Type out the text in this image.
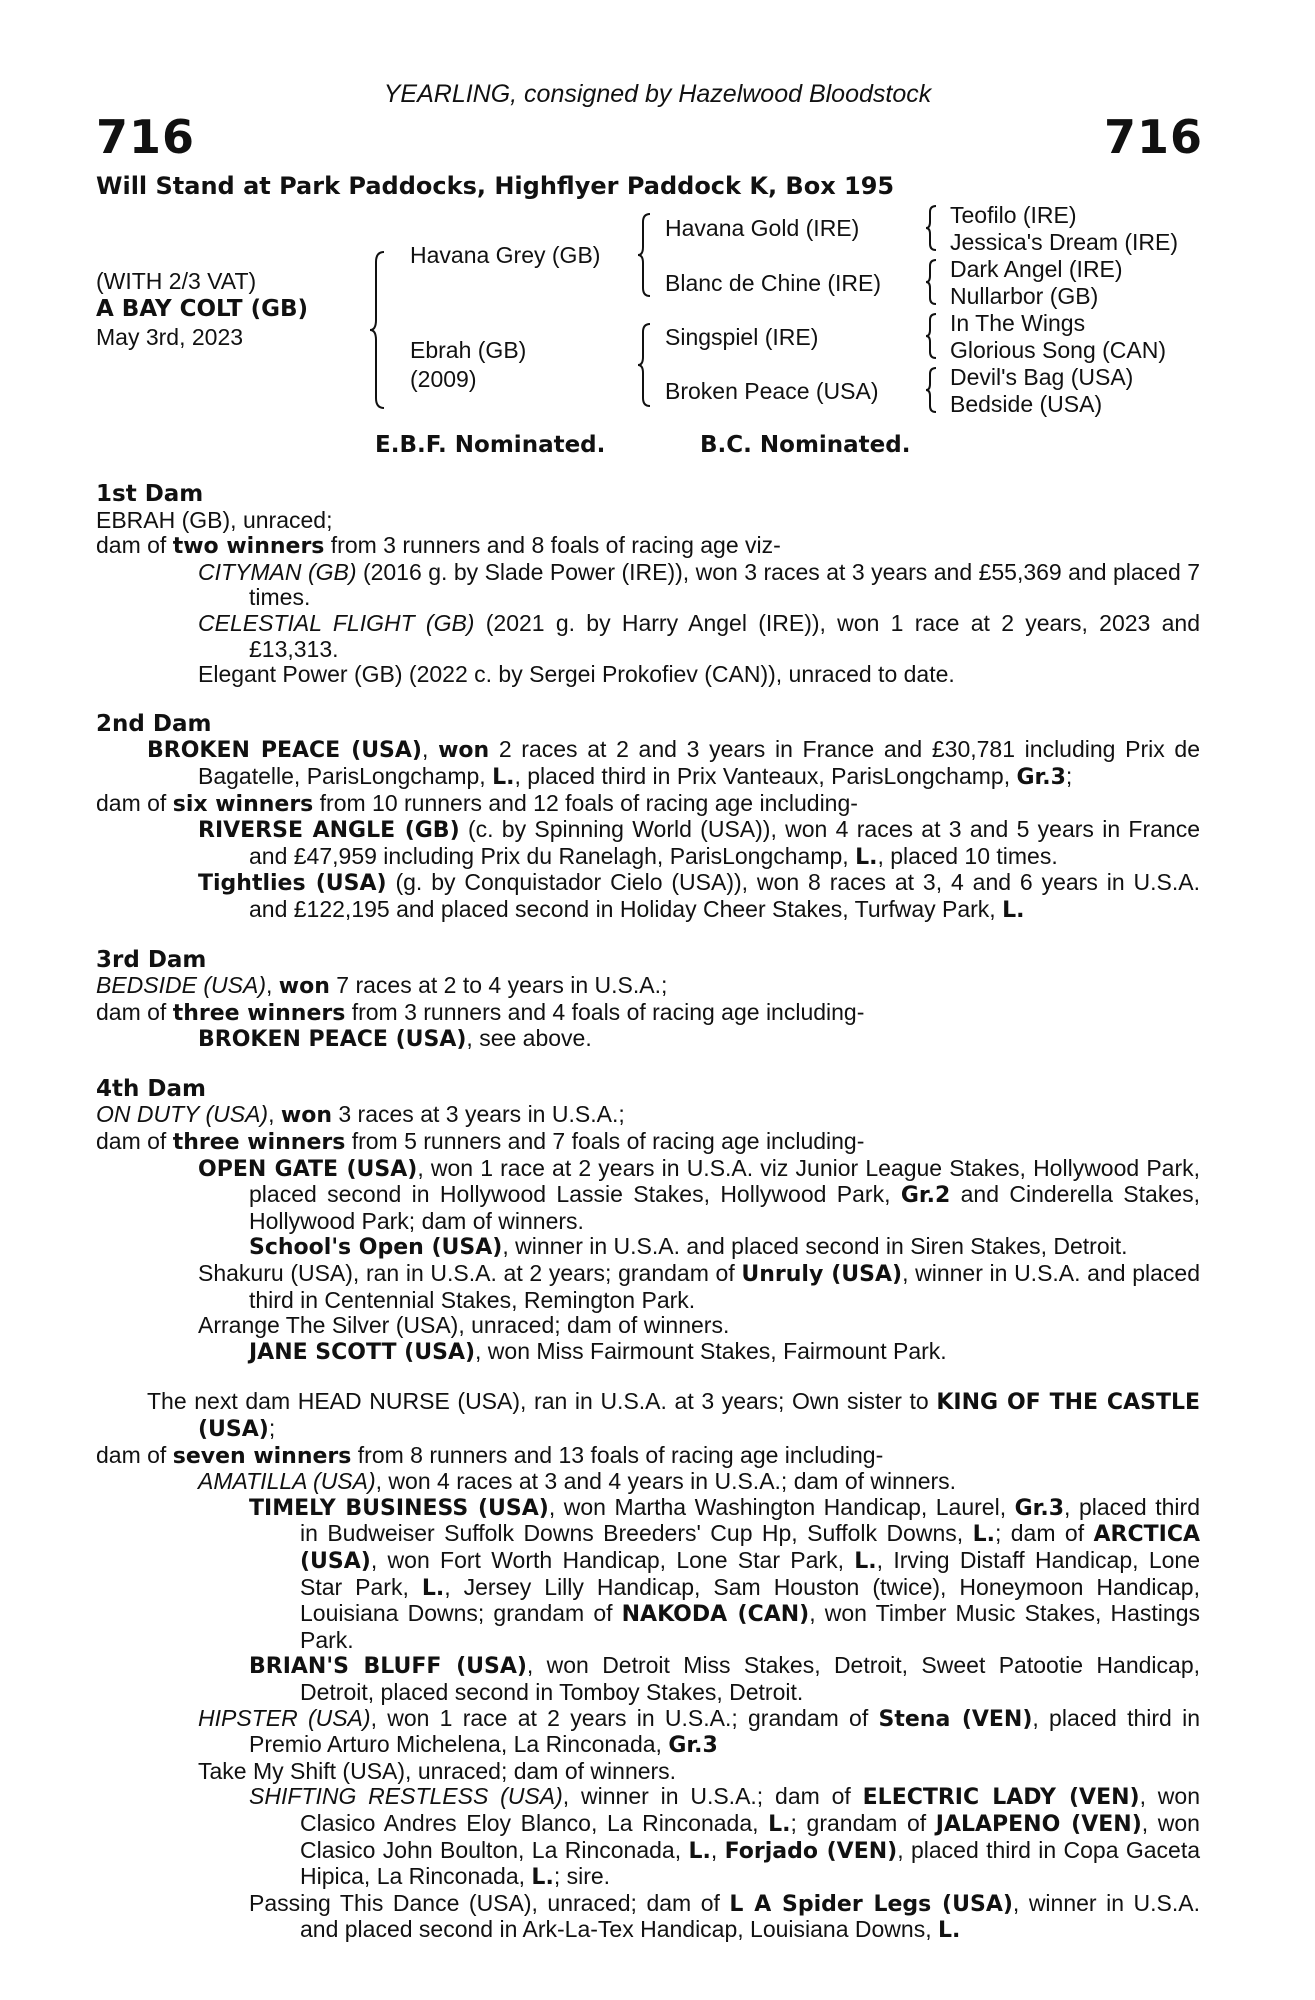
YEARLING, consigned by Hazelwood Bloodstock
716	716
Will Stand at Park Paddocks, Highflyer Paddock K, Box 195
(WITH 2/3 VAT)
A BAY COLT (GB)
May 3rd, 2023
Havana Grey (GB)
Ebrah (GB)
(2009)
Havana Gold (IRE)
Blanc de Chine (IRE)
Singspiel (IRE)
Broken Peace (USA)
Teofilo (IRE)
Jessica's Dream (IRE)
Dark Angel (IRE)
Nullarbor (GB)
In The Wings
Glorious Song (CAN)
Devil's Bag (USA)
Bedside (USA)
E.B.F. Nominated.	B.C. Nominated.
1st Dam
EBRAH (GB), unraced;
dam of two winners from 3 runners and 8 foals of racing age viz-
CITYMAN (GB) (2016 g. by Slade Power (IRE)), won 3 races at 3 years and £55,369 and placed 7 times.
CELESTIAL FLIGHT (GB) (2021 g. by Harry Angel (IRE)), won 1 race at 2 years, 2023 and £13,313.
Elegant Power (GB) (2022 c. by Sergei Prokofiev (CAN)), unraced to date.
2nd Dam
BROKEN PEACE (USA), won 2 races at 2 and 3 years in France and £30,781 including Prix de Bagatelle, ParisLongchamp, L., placed third in Prix Vanteaux, ParisLongchamp, Gr.3;
dam of six winners from 10 runners and 12 foals of racing age including-
RIVERSE ANGLE (GB) (c. by Spinning World (USA)), won 4 races at 3 and 5 years in France and £47,959 including Prix du Ranelagh, ParisLongchamp, L., placed 10 times.
Tightlies (USA) (g. by Conquistador Cielo (USA)), won 8 races at 3, 4 and 6 years in U.S.A. and £122,195 and placed second in Holiday Cheer Stakes, Turfway Park, L.
3rd Dam
BEDSIDE (USA), won 7 races at 2 to 4 years in U.S.A.;
dam of three winners from 3 runners and 4 foals of racing age including-
BROKEN PEACE (USA), see above.
4th Dam
ON DUTY (USA), won 3 races at 3 years in U.S.A.;
dam of three winners from 5 runners and 7 foals of racing age including-
OPEN GATE (USA), won 1 race at 2 years in U.S.A. viz Junior League Stakes, Hollywood Park, placed second in Hollywood Lassie Stakes, Hollywood Park, Gr.2 and Cinderella Stakes, Hollywood Park; dam of winners.
School's Open (USA), winner in U.S.A. and placed second in Siren Stakes, Detroit.
Shakuru (USA), ran in U.S.A. at 2 years; grandam of Unruly (USA), winner in U.S.A. and placed third in Centennial Stakes, Remington Park.
Arrange The Silver (USA), unraced; dam of winners.
JANE SCOTT (USA), won Miss Fairmount Stakes, Fairmount Park.
The next dam HEAD NURSE (USA), ran in U.S.A. at 3 years; Own sister to KING OF THE CASTLE (USA);
dam of seven winners from 8 runners and 13 foals of racing age including-
AMATILLA (USA), won 4 races at 3 and 4 years in U.S.A.; dam of winners.
TIMELY BUSINESS (USA), won Martha Washington Handicap, Laurel, Gr.3, placed third in Budweiser Suffolk Downs Breeders' Cup Hp, Suffolk Downs, L.; dam of ARCTICA (USA), won Fort Worth Handicap, Lone Star Park, L., Irving Distaff Handicap, Lone Star Park, L., Jersey Lilly Handicap, Sam Houston (twice), Honeymoon Handicap, Louisiana Downs; grandam of NAKODA (CAN), won Timber Music Stakes, Hastings Park.
BRIAN'S BLUFF (USA), won Detroit Miss Stakes, Detroit, Sweet Patootie Handicap, Detroit, placed second in Tomboy Stakes, Detroit.
HIPSTER (USA), won 1 race at 2 years in U.S.A.; grandam of Stena (VEN), placed third in Premio Arturo Michelena, La Rinconada, Gr.3
Take My Shift (USA), unraced; dam of winners.
SHIFTING RESTLESS (USA), winner in U.S.A.; dam of ELECTRIC LADY (VEN), won Clasico Andres Eloy Blanco, La Rinconada, L.; grandam of JALAPENO (VEN), won Clasico John Boulton, La Rinconada, L., Forjado (VEN), placed third in Copa Gaceta Hipica, La Rinconada, L.; sire.
Passing This Dance (USA), unraced; dam of L A Spider Legs (USA), winner in U.S.A. and placed second in Ark-La-Tex Handicap, Louisiana Downs, L.
